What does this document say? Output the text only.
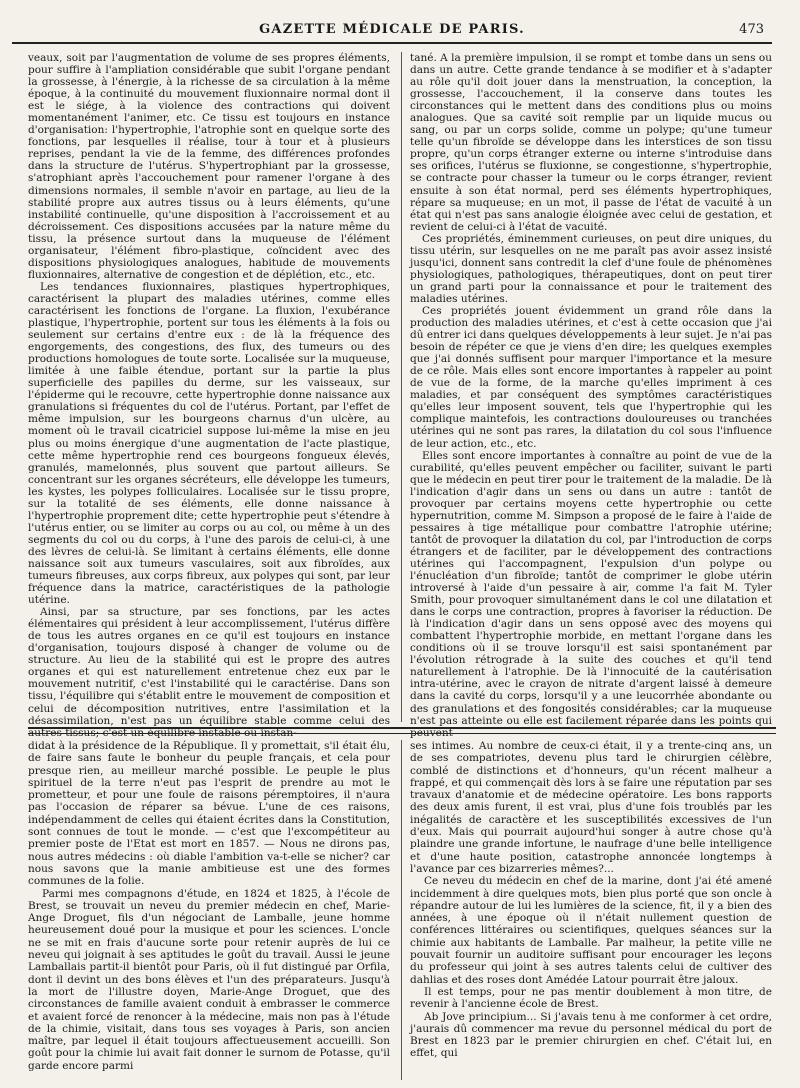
GAZETTE MÉDICALE DE PARIS.	473

veaux, soit par l'augmentation de volume de ses propres éléments, pour suffire à l'ampliation considérable que subit l'organe pendant la grossesse, à l'énergie, à la richesse de sa circulation à la même époque, à la continuité du mouvement fluxionnaire normal dont il est le siége, à la violence des contractions qui doivent momentanément l'animer, etc. Ce tissu est toujours en instance d'organisation: l'hypertrophie, l'atrophie sont en quelque sorte des fonctions, par lesquelles il réalise, tour à tour et à plusieurs reprises, pendant la vie de la femme, des différences profondes dans la structure de l'utérus. S'hypertrophiant par la grossesse, s'atrophiant après l'accouchement pour ramener l'organe à des dimensions normales, il semble n'avoir en partage, au lieu de la stabilité propre aux autres tissus ou à leurs éléments, qu'une instabilité continuelle, qu'une disposition à l'accroissement et au décroissement. Ces dispositions accusées par la nature même du tissu, la présence surtout dans la muqueuse de l'élément organisateur, l'élément fibro-plastique, coïncident avec des dispositions physiologiques analogues, habitude de mouvements fluxionnaires, alternative de congestion et de déplétion, etc., etc.

Les tendances fluxionnaires, plastiques hypertrophiques, caractérisent la plupart des maladies utérines, comme elles caractérisent les fonctions de l'organe. La fluxion, l'exubérance plastique, l'hypertrophie, portent sur tous les éléments à la fois ou seulement sur certains d'entre eux : de là la fréquence des engorgements, des congestions, des flux, des tumeurs ou des productions homologues de toute sorte. Localisée sur la muqueuse, limitée à une faible étendue, portant sur la partie la plus superficielle des papilles du derme, sur les vaisseaux, sur l'épiderme qui le recouvre, cette hypertrophie donne naissance aux granulations si fréquentes du col de l'utérus. Portant, par l'effet de même impulsion, sur les bourgeons charnus d'un ulcère, au moment où le travail cicatriciel suppose lui-même la mise en jeu plus ou moins énergique d'une augmentation de l'acte plastique, cette même hypertrophie rend ces bourgeons fongueux élevés, granulés, mamelonnés, plus souvent que partout ailleurs. Se concentrant sur les organes sécréteurs, elle développe les tumeurs, les kystes, les polypes folliculaires. Localisée sur le tissu propre, sur la totalité de ses éléments, elle donne naissance à l'hypertrophie proprement dite; cette hypertrophie peut s'étendre à l'utérus entier, ou se limiter au corps ou au col, ou même à un des segments du col ou du corps, à l'une des parois de celui-ci, à une des lèvres de celui-là. Se limitant à certains éléments, elle donne naissance soit aux tumeurs vasculaires, soit aux fibroïdes, aux tumeurs fibreuses, aux corps fibreux, aux polypes qui sont, par leur fréquence dans la matrice, caractéristiques de la pathologie utérine.

Ainsi, par sa structure, par ses fonctions, par les actes élémentaires qui président à leur accomplissement, l'utérus diffère de tous les autres organes en ce qu'il est toujours en instance d'organisation, toujours disposé à changer de volume ou de structure. Au lieu de la stabilité qui est le propre des autres organes et qui est naturellement entretenue chez eux par le mouvement nutritif, c'est l'instabilité qui le caractérise. Dans son tissu, l'équilibre qui s'établit entre le mouvement de composition et celui de décomposition nutritives, entre l'assimilation et la désassimilation, n'est pas un équilibre stable comme celui des autres tissus; c'est un équilibre instable ou instan-

tané. A la première impulsion, il se rompt et tombe dans un sens ou dans un autre. Cette grande tendance à se modifier et à s'adapter au rôle qu'il doit jouer dans la menstruation, la conception, la grossesse, l'accouchement, il la conserve dans toutes les circonstances qui le mettent dans des conditions plus ou moins analogues. Que sa cavité soit remplie par un liquide mucus ou sang, ou par un corps solide, comme un polype; qu'une tumeur telle qu'un fibroïde se développe dans les interstices de son tissu propre, qu'un corps étranger externe ou interne s'introduise dans ses orifices, l'utérus se fluxionne, se congestionne, s'hypertrophie, se contracte pour chasser la tumeur ou le corps étranger, revient ensuite à son état normal, perd ses éléments hypertrophiques, répare sa muqueuse; en un mot, il passe de l'état de vacuité à un état qui n'est pas sans analogie éloignée avec celui de gestation, et revient de celui-ci à l'état de vacuité.

Ces propriétés, éminemment curieuses, on peut dire uniques, du tissu utérin, sur lesquelles on ne me paraît pas avoir assez insisté jusqu'ici, donnent sans contredit la clef d'une foule de phénomènes physiologiques, pathologiques, thérapeutiques, dont on peut tirer un grand parti pour la connaissance et pour le traitement des maladies utérines.

Ces propriétés jouent évidemment un grand rôle dans la production des maladies utérines, et c'est à cette occasion que j'ai dû entrer ici dans quelques développements à leur sujet. Je n'ai pas besoin de répéter ce que je viens d'en dire; les quelques exemples que j'ai donnés suffisent pour marquer l'importance et la mesure de ce rôle. Mais elles sont encore importantes à rappeler au point de vue de la forme, de la marche qu'elles impriment à ces maladies, et par conséquent des symptômes caractéristiques qu'elles leur imposent souvent, tels que l'hypertrophie qui les complique maintefois, les contractions douloureuses ou tranchées utérines qui ne sont pas rares, la dilatation du col sous l'influence de leur action, etc., etc.

Elles sont encore importantes à connaître au point de vue de la curabilité, qu'elles peuvent empêcher ou faciliter, suivant le parti que le médecin en peut tirer pour le traitement de la maladie. De là l'indication d'agir dans un sens ou dans un autre : tantôt de provoquer par certains moyens cette hypertrophie ou cette hypernutrition, comme M. Simpson a proposé de le faire à l'aide de pessaires à tige métallique pour combattre l'atrophie utérine; tantôt de provoquer la dilatation du col, par l'introduction de corps étrangers et de faciliter, par le développement des contractions utérines qui l'accompagnent, l'expulsion d'un polype ou l'énucléation d'un fibroïde; tantôt de comprimer le globe utérin introversé à l'aide d'un pessaire à air, comme l'a fait M. Tyler Smith, pour provoquer simultanément dans le col une dilatation et dans le corps une contraction, propres à favoriser la réduction. De là l'indication d'agir dans un sens opposé avec des moyens qui combattent l'hypertrophie morbide, en mettant l'organe dans les conditions où il se trouve lorsqu'il est saisi spontanément par l'évolution rétrograde à la suite des couches et qu'il tend naturellement à l'atrophie. De là l'innocuité de la cautérisation intra-utérine, avec le crayon de nitrate d'argent laissé à demeure dans la cavité du corps, lorsqu'il y a une leucorrhée abondante ou des granulations et des fongosités considérables; car la muqueuse n'est pas atteinte ou elle est facilement réparée dans les points qui peuvent

didat à la présidence de la République. Il y promettait, s'il était élu, de faire sans faute le bonheur du peuple français, et cela pour presque rien, au meilleur marché possible. Le peuple le plus spirituel de la terre n'eut pas l'esprit de prendre au mot le prometteur, et pour une foule de raisons péremptoires, il n'aura pas l'occasion de réparer sa bévue. L'une de ces raisons, indépendamment de celles qui étaient écrites dans la Constitution, sont connues de tout le monde. — c'est que l'excompétiteur au premier poste de l'Etat est mort en 1857. — Nous ne dirons pas, nous autres médecins : où diable l'ambition va-t-elle se nicher? car nous savons que la manie ambitieuse est une des formes communes de la folie.

Parmi mes compagnons d'étude, en 1824 et 1825, à l'école de Brest, se trouvait un neveu du premier médecin en chef, Marie-Ange Droguet, fils d'un négociant de Lamballe, jeune homme heureusement doué pour la musique et pour les sciences. L'oncle ne se mit en frais d'aucune sorte pour retenir auprès de lui ce neveu qui joignait à ses aptitudes le goût du travail. Aussi le jeune Lamballais partit-il bientôt pour Paris, où il fut distingué par Orfila, dont il devint un des bons élèves et l'un des préparateurs. Jusqu'à la mort de l'illustre doyen, Marie-Ange Droguet, que des circonstances de famille avaient conduit à embrasser le commerce et avaient forcé de renoncer à la médecine, mais non pas à l'étude de la chimie, visitait, dans tous ses voyages à Paris, son ancien maître, par lequel il était toujours affectueusement accueilli. Son goût pour la chimie lui avait fait donner le surnom de Potasse, qu'il garde encore parmi

ses intimes. Au nombre de ceux-ci était, il y a trente-cinq ans, un de ses compatriotes, devenu plus tard le chirurgien célèbre, comblé de distinctions et d'honneurs, qu'un récent malheur a frappé, et qui commençait dès lors à se faire une réputation par ses travaux d'anatomie et de médecine opératoire. Les bons rapports des deux amis furent, il est vrai, plus d'une fois troublés par les inégalités de caractère et les susceptibilités excessives de l'un d'eux. Mais qui pourrait aujourd'hui songer à autre chose qu'à plaindre une grande infortune, le naufrage d'une belle intelligence et d'une haute position, catastrophe annoncée longtemps à l'avance par ces bizarreries mêmes?...

Ce neveu du médecin en chef de la marine, dont j'ai été amené incidemment à dire quelques mots, bien plus porté que son oncle à répandre autour de lui les lumières de la science, fit, il y a bien des années, à une époque où il n'était nullement question de conférences littéraires ou scientifiques, quelques séances sur la chimie aux habitants de Lamballe. Par malheur, la petite ville ne pouvait fournir un auditoire suffisant pour encourager les leçons du professeur qui joint à ses autres talents celui de cultiver des dahlias et des roses dont Amédée Latour pourrait être jaloux.

Il est temps, pour ne pas mentir doublement à mon titre, de revenir à l'ancienne école de Brest.

Ab Jove principium... Si j'avais tenu à me conformer à cet ordre, j'aurais dû commencer ma revue du personnel médical du port de Brest en 1823 par le premier chirurgien en chef. C'était lui, en effet, qui
